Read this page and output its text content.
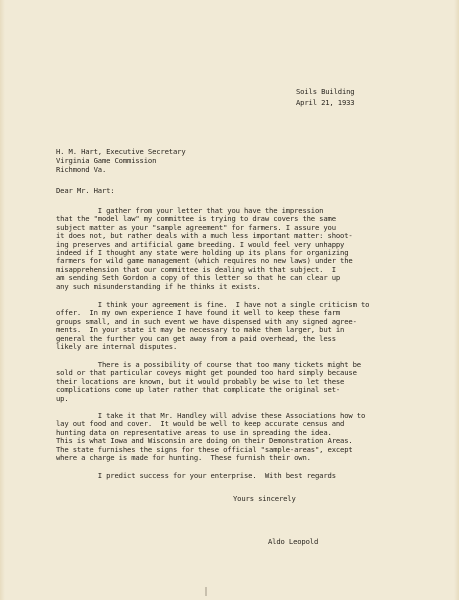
Soils Building
April 21, 1933
H. M. Hart, Executive Secretary
Virginia Game Commission
Richmond Va.
Dear Mr. Hart:

I gather from your letter that you have the impression

that the "model law" my committee is trying to draw covers the same

subject matter as your "sample agreement" for farmers. I assure you

it does not, but rather deals with a much less important matter: shoot-

ing preserves and artificial game breeding. I would feel very unhappy

indeed if I thought any state were holding up its plans for organizing

farmers for wild game management (which requires no new laws) under the

misapprehension that our committee is dealing with that subject.  I

am sending Seth Gordon a copy of this letter so that he can clear up

any such misunderstanding if he thinks it exists.

I think your agreement is fine.  I have not a single criticism to

offer.  In my own experience I have found it well to keep these farm

groups small, and in such event we have dispensed with any signed agree-

ments.  In your state it may be necessary to make them larger, but in

general the further you can get away from a paid overhead, the less

likely are internal disputes.

There is a possibility of course that too many tickets might be

sold or that particular coveys might get pounded too hard simply because

their locations are known, but it would probably be wise to let these

complications come up later rather that complicate the original set-

up.

I take it that Mr. Handley will advise these Associations how to

lay out food and cover.  It would be well to keep accurate census and

hunting data on representative areas to use in spreading the idea.

This is what Iowa and Wisconsin are doing on their Demonstration Areas.

The state furnishes the signs for these official "sample-areas", except

where a charge is made for hunting.  These furnish their own.

I predict success for your enterprise.  With best regards

Yours sincerely
Aldo Leopold
